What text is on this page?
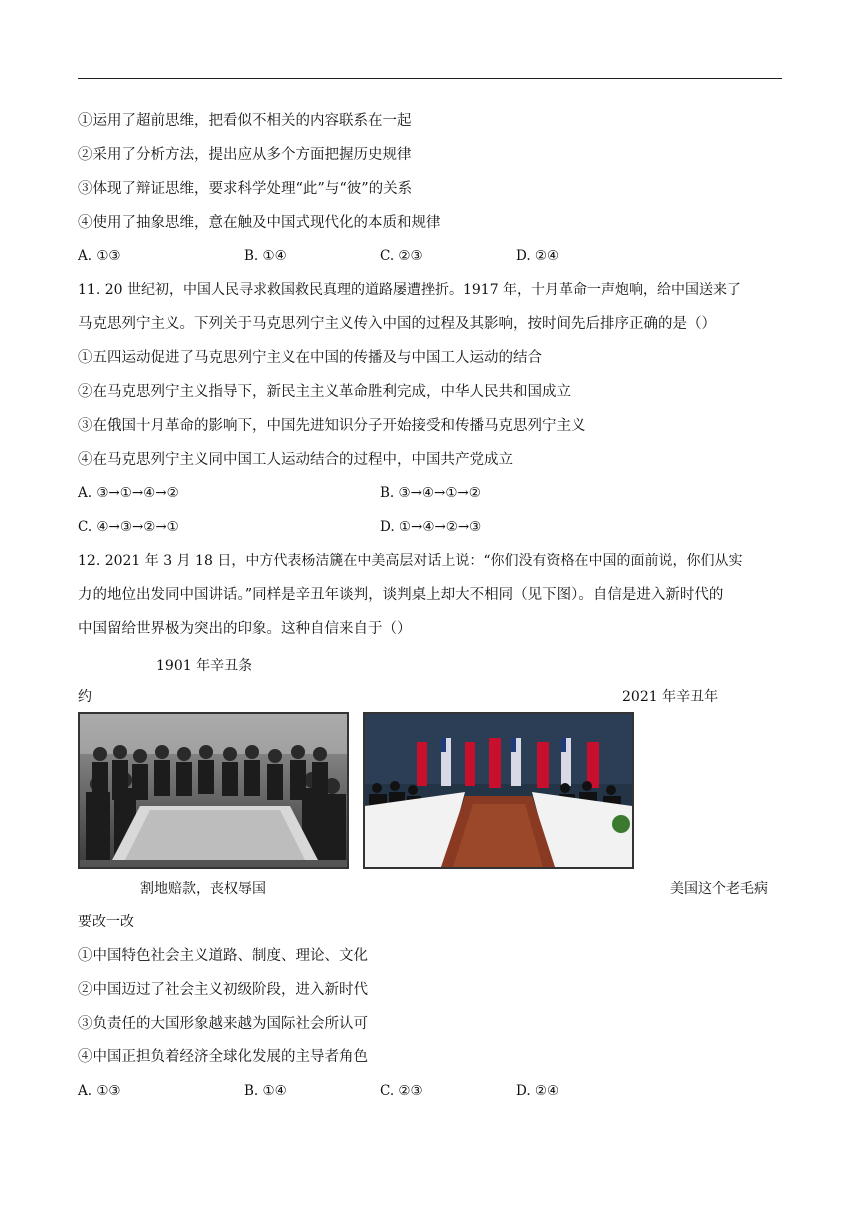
①运用了超前思维，把看似不相关的内容联系在一起
②采用了分析方法，提出应从多个方面把握历史规律
③体现了辩证思维，要求科学处理“此”与“彼”的关系
④使用了抽象思维，意在触及中国式现代化的本质和规律
A. ①③	B. ①④	C. ②③	D. ②④
11. 20 世纪初，中国人民寻求救国救民真理的道路屡遭挫折。1917 年，十月革命一声炮响，给中国送来了
马克思列宁主义。下列关于马克思列宁主义传入中国的过程及其影响，按时间先后排序正确的是（）
①五四运动促进了马克思列宁主义在中国的传播及与中国工人运动的结合
②在马克思列宁主义指导下，新民主主义革命胜利完成，中华人民共和国成立
③在俄国十月革命的影响下，中国先进知识分子开始接受和传播马克思列宁主义
④在马克思列宁主义同中国工人运动结合的过程中，中国共产党成立
A. ③→①→④→②	B. ③→④→①→②
C. ④→③→②→①	D. ①→④→②→③
12. 2021 年 3 月 18 日，中方代表杨洁篪在中美高层对话上说：“你们没有资格在中国的面前说，你们从实
力的地位出发同中国讲话。”同样是辛丑年谈判，谈判桌上却大不相同（见下图）。自信是进入新时代的
中国留给世界极为突出的印象。这种自信来自于（）
1901 年辛丑条
约	2021 年辛丑年
割地赔款，丧权辱国	美国这个老毛病
要改一改
①中国特色社会主义道路、制度、理论、文化
②中国迈过了社会主义初级阶段，进入新时代
③负责任的大国形象越来越为国际社会所认可
④中国正担负着经济全球化发展的主导者角色
A. ①③	B. ①④	C. ②③	D. ②④
